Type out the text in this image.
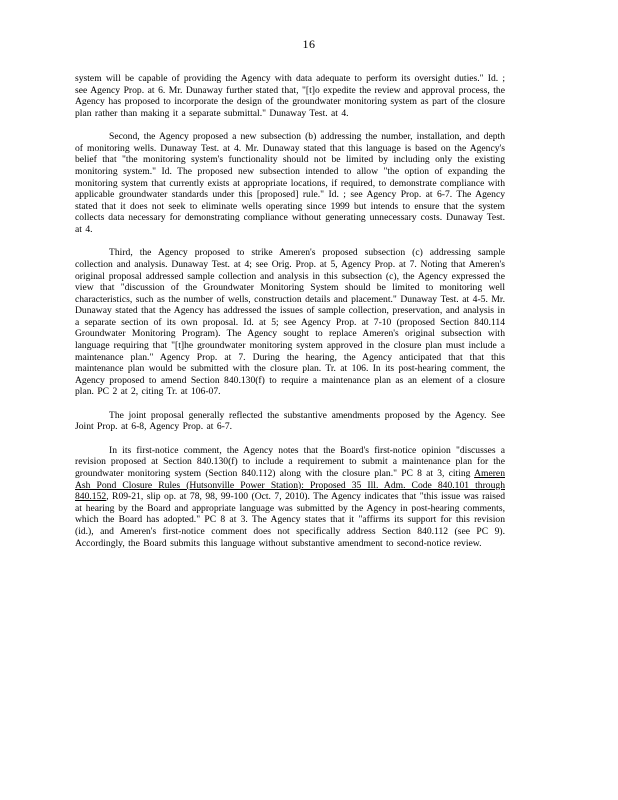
16

system will be capable of providing the Agency with data adequate to perform its oversight duties." Id. ; see Agency Prop. at 6. Mr. Dunaway further stated that, "[t]o expedite the review and approval process, the Agency has proposed to incorporate the design of the groundwater monitoring system as part of the closure plan rather than making it a separate submittal." Dunaway Test. at 4.

Second, the Agency proposed a new subsection (b) addressing the number, installation, and depth of monitoring wells. Dunaway Test. at 4. Mr. Dunaway stated that this language is based on the Agency's belief that "the monitoring system's functionality should not be limited by including only the existing monitoring system." Id. The proposed new subsection intended to allow "the option of expanding the monitoring system that currently exists at appropriate locations, if required, to demonstrate compliance with applicable groundwater standards under this [proposed] rule." Id. ; see Agency Prop. at 6-7. The Agency stated that it does not seek to eliminate wells operating since 1999 but intends to ensure that the system collects data necessary for demonstrating compliance without generating unnecessary costs. Dunaway Test. at 4.

Third, the Agency proposed to strike Ameren's proposed subsection (c) addressing sample collection and analysis. Dunaway Test. at 4; see Orig. Prop. at 5, Agency Prop. at 7. Noting that Ameren's original proposal addressed sample collection and analysis in this subsection (c), the Agency expressed the view that "discussion of the Groundwater Monitoring System should be limited to monitoring well characteristics, such as the number of wells, construction details and placement." Dunaway Test. at 4-5. Mr. Dunaway stated that the Agency has addressed the issues of sample collection, preservation, and analysis in a separate section of its own proposal. Id. at 5; see Agency Prop. at 7-10 (proposed Section 840.114 Groundwater Monitoring Program). The Agency sought to replace Ameren's original subsection with language requiring that "[t]he groundwater monitoring system approved in the closure plan must include a maintenance plan." Agency Prop. at 7. During the hearing, the Agency anticipated that that this maintenance plan would be submitted with the closure plan. Tr. at 106. In its post-hearing comment, the Agency proposed to amend Section 840.130(f) to require a maintenance plan as an element of a closure plan. PC 2 at 2, citing Tr. at 106-07.

The joint proposal generally reflected the substantive amendments proposed by the Agency. See Joint Prop. at 6-8, Agency Prop. at 6-7.

In its first-notice comment, the Agency notes that the Board's first-notice opinion "discusses a revision proposed at Section 840.130(f) to include a requirement to submit a maintenance plan for the groundwater monitoring system (Section 840.112) along with the closure plan." PC 8 at 3, citing Ameren Ash Pond Closure Rules (Hutsonville Power Station): Proposed 35 Ill. Adm. Code 840.101 through 840.152, R09-21, slip op. at 78, 98, 99-100 (Oct. 7, 2010). The Agency indicates that "this issue was raised at hearing by the Board and appropriate language was submitted by the Agency in post-hearing comments, which the Board has adopted." PC 8 at 3. The Agency states that it "affirms its support for this revision (id.), and Ameren's first-notice comment does not specifically address Section 840.112 (see PC 9). Accordingly, the Board submits this language without substantive amendment to second-notice review.
